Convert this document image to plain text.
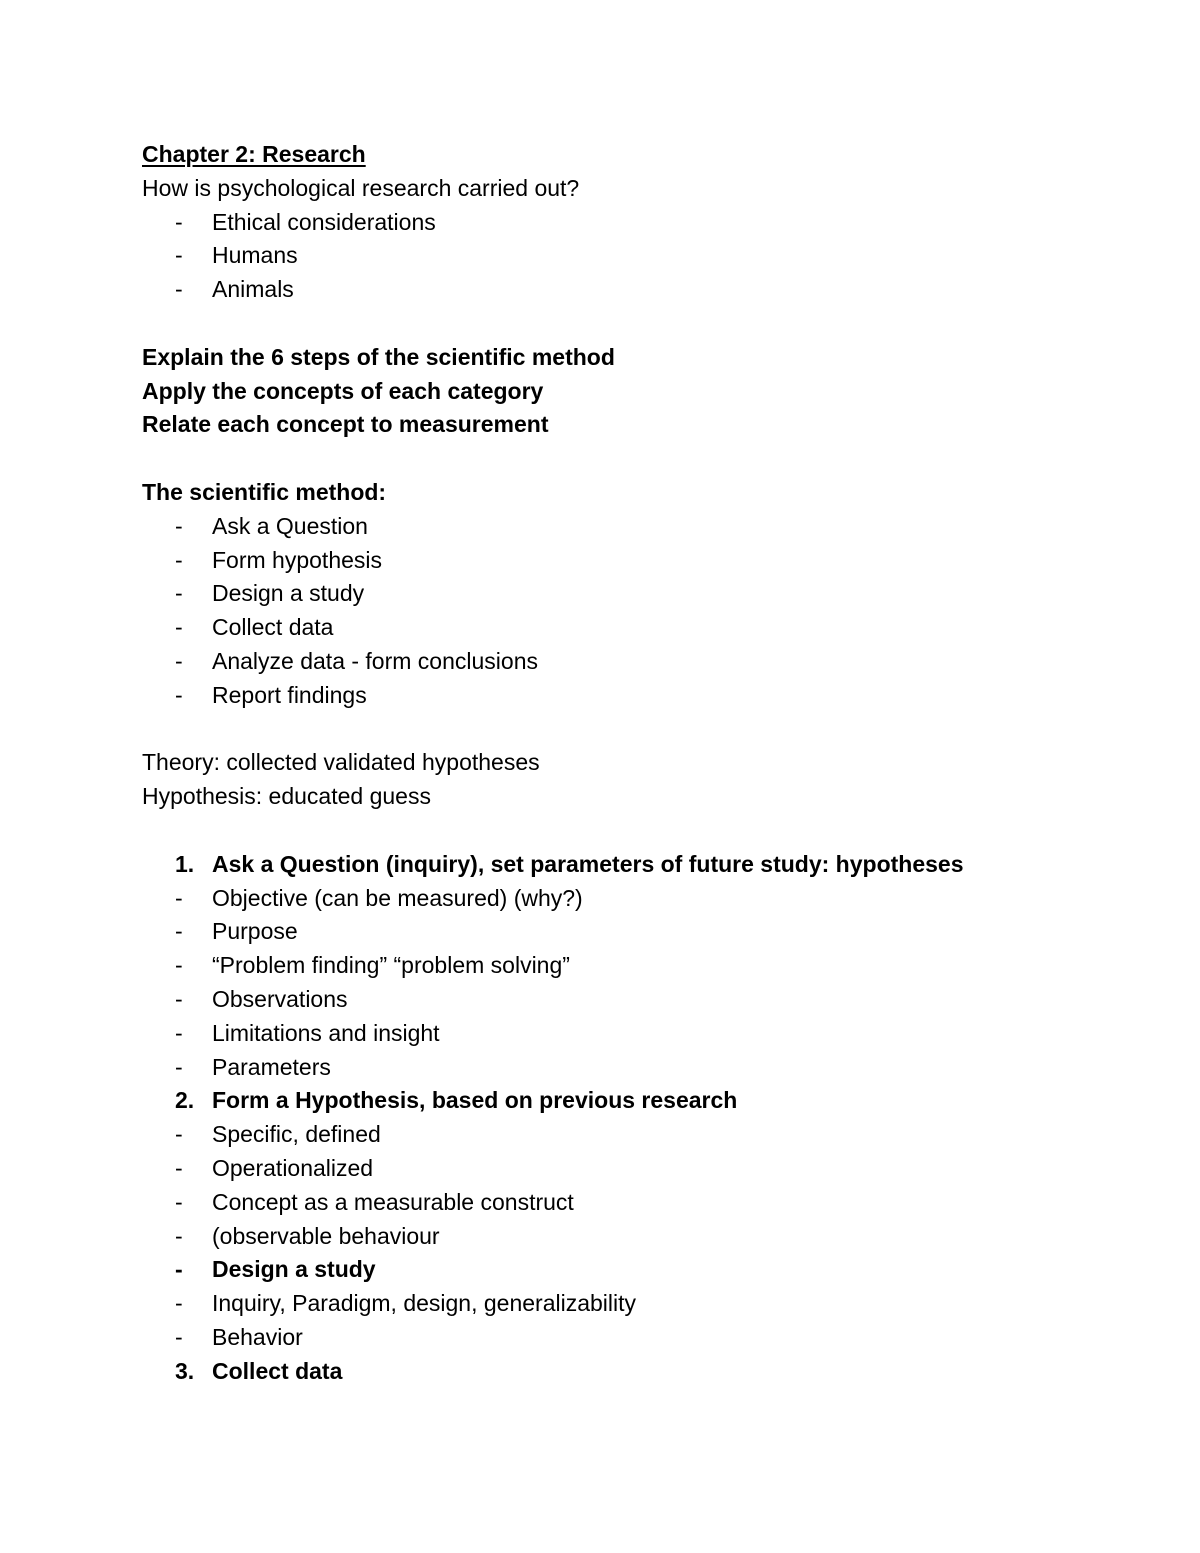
Chapter 2: Research
How is psychological research carried out?
- Ethical considerations
- Humans
- Animals
Explain the 6 steps of the scientific method
Apply the concepts of each category
Relate each concept to measurement
The scientific method:
- Ask a Question
- Form hypothesis
- Design a study
- Collect data
- Analyze data - form conclusions
- Report findings
Theory: collected validated hypotheses
Hypothesis: educated guess
1. Ask a Question (inquiry), set parameters of future study: hypotheses
- Objective (can be measured) (why?)
- Purpose
- “Problem finding” “problem solving”
- Observations
- Limitations and insight
- Parameters
2. Form a Hypothesis, based on previous research
- Specific, defined
- Operationalized
- Concept as a measurable construct
- (observable behaviour
- Design a study
- Inquiry, Paradigm, design, generalizability
- Behavior
3. Collect data
